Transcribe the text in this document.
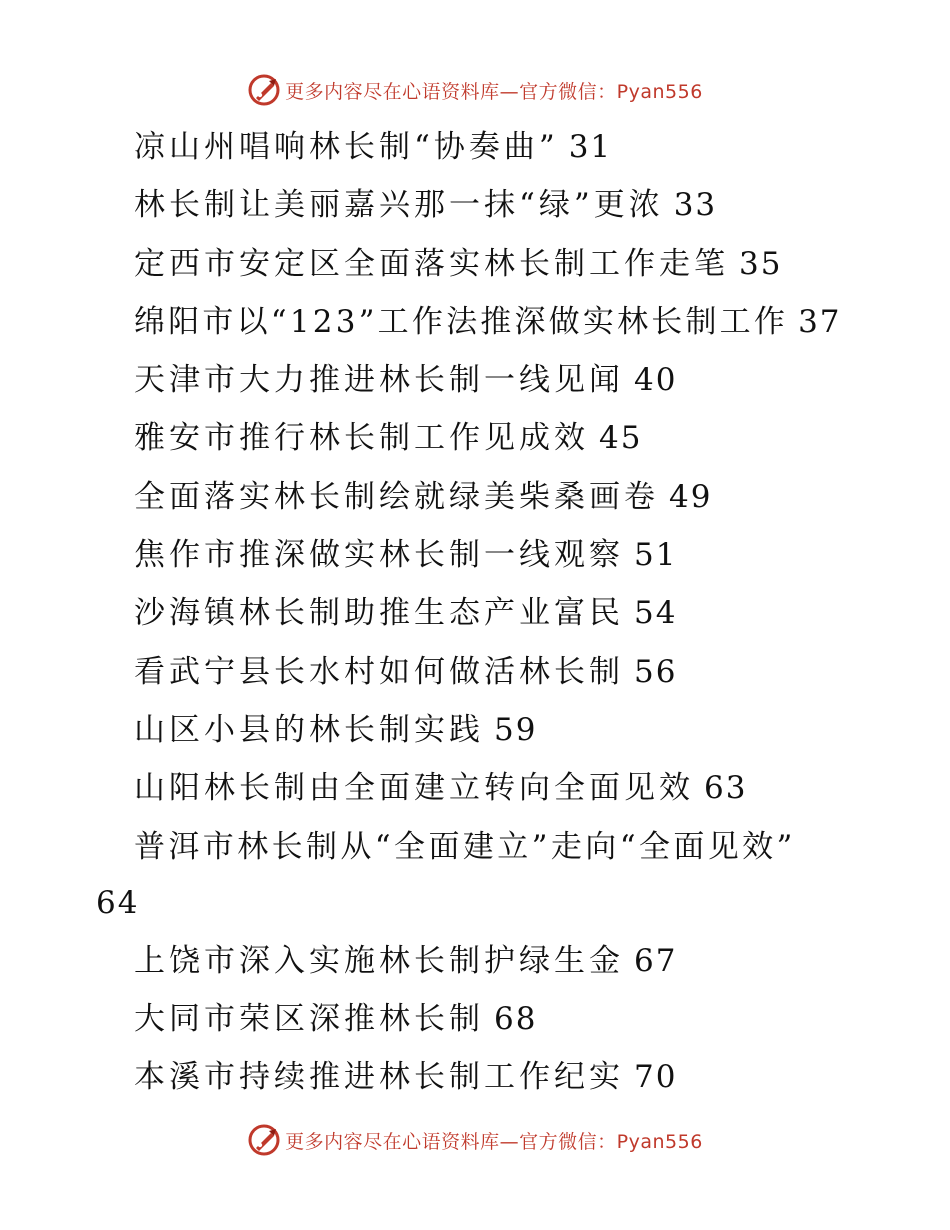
更多内容尽在心语资料库—官方微信：Pyan556
凉山州唱响林长制“协奏曲” 31
林长制让美丽嘉兴那一抹“绿”更浓 33
定西市安定区全面落实林长制工作走笔 35
绵阳市以“123”工作法推深做实林长制工作 37
天津市大力推进林长制一线见闻 40
雅安市推行林长制工作见成效 45
全面落实林长制绘就绿美柴桑画卷 49
焦作市推深做实林长制一线观察 51
沙海镇林长制助推生态产业富民 54
看武宁县长水村如何做活林长制 56
山区小县的林长制实践 59
山阳林长制由全面建立转向全面见效 63
普洱市林长制从“全面建立”走向“全面见效”
64
上饶市深入实施林长制护绿生金 67
大同市荣区深推林长制 68
本溪市持续推进林长制工作纪实 70
更多内容尽在心语资料库—官方微信：Pyan556
